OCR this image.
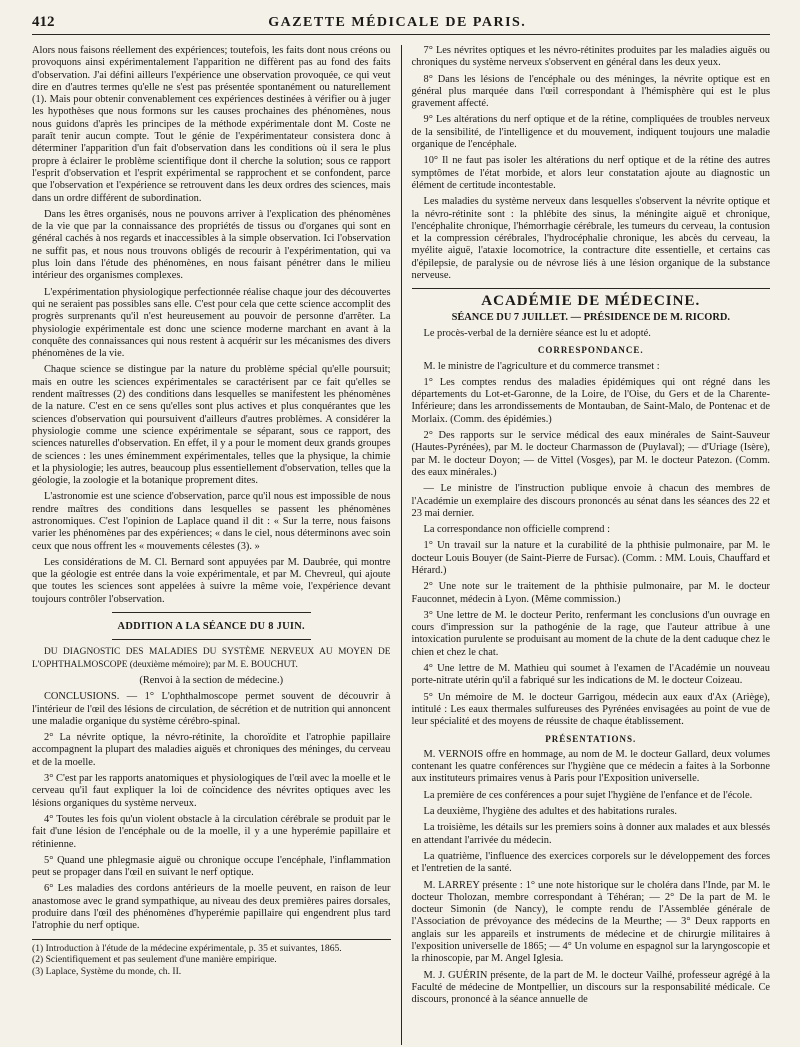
412	GAZETTE MÉDICALE DE PARIS.

Alors nous faisons réellement des expériences; toutefois, les faits dont nous créons ou provoquons ainsi expérimentalement l'apparition ne diffèrent pas au fond des faits d'observation. J'ai défini ailleurs l'expérience une observation provoquée, ce qui veut dire en d'autres termes qu'elle ne s'est pas présentée spontanément ou naturellement (1). Mais pour obtenir convenablement ces expériences destinées à vérifier ou à juger les hypothèses que nous formons sur les causes prochaines des phénomènes, nous nous guidons d'après les principes de la méthode expérimentale dont M. Coste ne paraît tenir aucun compte. Tout le génie de l'expérimentateur consistera donc à déterminer l'apparition d'un fait d'observation dans les conditions où il sera le plus propre à éclairer le problème scientifique dont il cherche la solution; sous ce rapport l'esprit d'observation et l'esprit expérimental se rapprochent et se confondent, parce que l'observation et l'expérience se retrouvent dans les deux ordres des sciences, mais dans un ordre différent de subordination.

Dans les êtres organisés, nous ne pouvons arriver à l'explication des phénomènes de la vie que par la connaissance des propriétés de tissus ou d'organes qui sont en général cachés à nos regards et inaccessibles à la simple observation. Ici l'observation ne suffit pas, et nous nous trouvons obligés de recourir à l'expérimentation, qui va plus loin dans l'étude des phénomènes, en nous faisant pénétrer dans le milieu intérieur des organismes complexes.

L'expérimentation physiologique perfectionnée réalise chaque jour des découvertes qui ne seraient pas possibles sans elle. C'est pour cela que cette science accomplit des progrès surprenants qu'il n'est heureusement au pouvoir de personne d'arrêter. La physiologie expérimentale est donc une science moderne marchant en avant à la conquête des connaissances qui nous restent à acquérir sur les mécanismes des divers phénomènes de la vie.

Chaque science se distingue par la nature du problème spécial qu'elle poursuit; mais en outre les sciences expérimentales se caractérisent par ce fait qu'elles se rendent maîtresses (2) des conditions dans lesquelles se manifestent les phénomènes de la nature. C'est en ce sens qu'elles sont plus actives et plus conquérantes que les sciences d'observation qui poursuivent d'ailleurs d'autres problèmes. A considérer la physiologie comme une science expérimentale se séparant, sous ce rapport, des sciences naturelles d'observation. En effet, il y a pour le moment deux grands groupes de sciences : les unes éminemment expérimentales, telles que la physique, la chimie et la physiologie; les autres, beaucoup plus essentiellement d'observation, telles que la géologie, la zoologie et la botanique proprement dites.

L'astronomie est une science d'observation, parce qu'il nous est impossible de nous rendre maîtres des conditions dans lesquelles se passent les phénomènes astronomiques. C'est l'opinion de Laplace quand il dit : « Sur la terre, nous faisons varier les phénomènes par des expériences; « dans le ciel, nous déterminons avec soin ceux que nous offrent les « mouvements célestes (3). »

Les considérations de M. Cl. Bernard sont appuyées par M. Daubrée, qui montre que la géologie est entrée dans la voie expérimentale, et par M. Chevreul, qui ajoute que toutes les sciences sont appelées à suivre la même voie, l'expérience devant toujours contrôler l'observation.

ADDITION A LA SÉANCE DU 8 JUIN.

DU DIAGNOSTIC DES MALADIES DU SYSTÈME NERVEUX AU MOYEN DE L'OPHTHALMOSCOPE (deuxième mémoire); par M. E. BOUCHUT.

(Renvoi à la section de médecine.)

CONCLUSIONS. — 1° L'ophthalmoscope permet souvent de découvrir à l'intérieur de l'œil des lésions de circulation, de sécrétion et de nutrition qui annoncent une maladie organique du système cérébro-spinal.

2° La névrite optique, la névro-rétinite, la choroïdite et l'atrophie papillaire accompagnent la plupart des maladies aiguës et chroniques des méninges, du cerveau et de la moelle.

3° C'est par les rapports anatomiques et physiologiques de l'œil avec la moelle et le cerveau qu'il faut expliquer la loi de coïncidence des névrites optiques avec les lésions organiques du système nerveux.

4° Toutes les fois qu'un violent obstacle à la circulation cérébrale se produit par le fait d'une lésion de l'encéphale ou de la moelle, il y a une hyperémie papillaire et rétinienne.

5° Quand une phlegmasie aiguë ou chronique occupe l'encéphale, l'inflammation peut se propager dans l'œil en suivant le nerf optique.

6° Les maladies des cordons antérieurs de la moelle peuvent, en raison de leur anastomose avec le grand sympathique, au niveau des deux premières paires dorsales, produire dans l'œil des phénomènes d'hyperémie papillaire qui engendrent plus tard l'atrophie du nerf optique.

(1) Introduction à l'étude de la médecine expérimentale, p. 35 et suivantes, 1865.
(2) Scientifiquement et pas seulement d'une manière empirique.
(3) Laplace, Système du monde, ch. II.

7° Les névrites optiques et les névro-rétinites produites par les maladies aiguës ou chroniques du système nerveux s'observent en général dans les deux yeux.

8° Dans les lésions de l'encéphale ou des méninges, la névrite optique est en général plus marquée dans l'œil correspondant à l'hémisphère qui est le plus gravement affecté.

9° Les altérations du nerf optique et de la rétine, compliquées de troubles nerveux de la sensibilité, de l'intelligence et du mouvement, indiquent toujours une maladie organique de l'encéphale.

10° Il ne faut pas isoler les altérations du nerf optique et de la rétine des autres symptômes de l'état morbide, et alors leur constatation ajoute au diagnostic un élément de certitude incontestable.

Les maladies du système nerveux dans lesquelles s'observent la névrite optique et la névro-rétinite sont : la phlébite des sinus, la méningite aiguë et chronique, l'encéphalite chronique, l'hémorrhagie cérébrale, les tumeurs du cerveau, la contusion et la compression cérébrales, l'hydrocéphalie chronique, les abcès du cerveau, la myélite aiguë, l'ataxie locomotrice, la contracture dite essentielle, et certains cas d'épilepsie, de paralysie ou de névrose liés à une lésion organique de la substance nerveuse.

ACADÉMIE DE MÉDECINE.
SÉANCE DU 7 JUILLET. — PRÉSIDENCE DE M. RICORD.

Le procès-verbal de la dernière séance est lu et adopté.

CORRESPONDANCE.

M. le ministre de l'agriculture et du commerce transmet :

1° Les comptes rendus des maladies épidémiques qui ont régné dans les départements du Lot-et-Garonne, de la Loire, de l'Oise, du Gers et de la Charente-Inférieure; dans les arrondissements de Montauban, de Saint-Malo, de Pontenac et de Morlaix. (Comm. des épidémies.)

2° Des rapports sur le service médical des eaux minérales de Saint-Sauveur (Hautes-Pyrénées), par M. le docteur Charmasson de (Puylaval); — d'Uriage (Isère), par M. le docteur Doyon; — de Vittel (Vosges), par M. le docteur Patezon. (Comm. des eaux minérales.)

— Le ministre de l'instruction publique envoie à chacun des membres de l'Académie un exemplaire des discours prononcés au sénat dans les séances des 22 et 23 mai dernier.

La correspondance non officielle comprend :

1° Un travail sur la nature et la curabilité de la phthisie pulmonaire, par M. le docteur Louis Bouyer (de Saint-Pierre de Fursac). (Comm. : MM. Louis, Chauffard et Hérard.)

2° Une note sur le traitement de la phthisie pulmonaire, par M. le docteur Fauconnet, médecin à Lyon. (Même commission.)

3° Une lettre de M. le docteur Perito, renfermant les conclusions d'un ouvrage en cours d'impression sur la pathogénie de la rage, que l'auteur attribue à une intoxication purulente se produisant au moment de la chute de la dent caduque chez le chien et chez le chat.

4° Une lettre de M. Mathieu qui soumet à l'examen de l'Académie un nouveau porte-nitrate utérin qu'il a fabriqué sur les indications de M. le docteur Coizeau.

5° Un mémoire de M. le docteur Garrigou, médecin aux eaux d'Ax (Ariège), intitulé : Les eaux thermales sulfureuses des Pyrénées envisagées au point de vue de leur spécialité et des moyens de réussite de chaque établissement.

PRÉSENTATIONS.

M. VERNOIS offre en hommage, au nom de M. le docteur Gallard, deux volumes contenant les quatre conférences sur l'hygiène que ce médecin a faites à la Sorbonne aux instituteurs primaires venus à Paris pour l'Exposition universelle.

La première de ces conférences a pour sujet l'hygiène de l'enfance et de l'école.

La deuxième, l'hygiène des adultes et des habitations rurales.

La troisième, les détails sur les premiers soins à donner aux malades et aux blessés en attendant l'arrivée du médecin.

La quatrième, l'influence des exercices corporels sur le développement des forces et l'entretien de la santé.

M. LARREY présente : 1° une note historique sur le choléra dans l'Inde, par M. le docteur Tholozan, membre correspondant à Téhéran; — 2° De la part de M. le docteur Simonin (de Nancy), le compte rendu de l'Assemblée générale de l'Association de prévoyance des médecins de la Meurthe; — 3° Deux rapports en anglais sur les appareils et instruments de médecine et de chirurgie militaires à l'exposition universelle de 1865; — 4° Un volume en espagnol sur la laryngoscopie et la rhinoscopie, par M. Angel Iglesia.

M. J. GUÉRIN présente, de la part de M. le docteur Vailhé, professeur agrégé à la Faculté de médecine de Montpellier, un discours sur la responsabilité médicale. Ce discours, prononcé à la séance annuelle de
